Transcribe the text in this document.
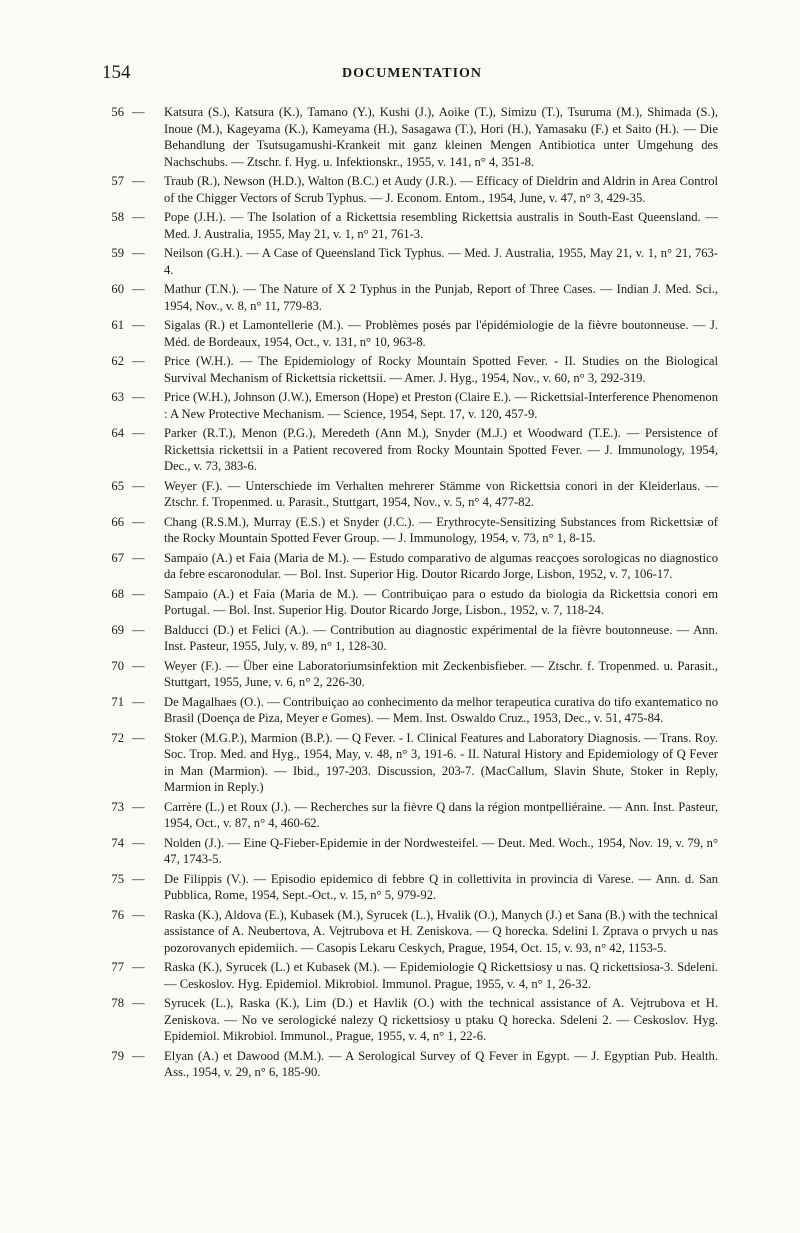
154	DOCUMENTATION
56 — Katsura (S.), Katsura (K.), Tamano (Y.), Kushi (J.), Aoike (T.), Simizu (T.), Tsuruma (M.), Shimada (S.), Inoue (M.), Kageyama (K.), Kameyama (H.), Sasagawa (T.), Hori (H.), Yamasaku (F.) et Saito (H.). — Die Behandlung der Tsutsugamushi-Krankeit mit ganz kleinen Mengen Antibiotica unter Umgehung des Nachschubs. — Ztschr. f. Hyg. u. Infektionskr., 1955, v. 141, n° 4, 351-8.
57 — Traub (R.), Newson (H.D.), Walton (B.C.) et Audy (J.R.). — Efficacy of Dieldrin and Aldrin in Area Control of the Chigger Vectors of Scrub Typhus. — J. Econom. Entom., 1954, June, v. 47, n° 3, 429-35.
58 — Pope (J.H.). — The Isolation of a Rickettsia resembling Rickettsia australis in South-East Queensland. — Med. J. Australia, 1955, May 21, v. 1, n° 21, 761-3.
59 — Neilson (G.H.). — A Case of Queensland Tick Typhus. — Med. J. Australia, 1955, May 21, v. 1, n° 21, 763-4.
60 — Mathur (T.N.). — The Nature of X 2 Typhus in the Punjab, Report of Three Cases. — Indian J. Med. Sci., 1954, Nov., v. 8, n° 11, 779-83.
61 — Sigalas (R.) et Lamontellerie (M.). — Problèmes posés par l'épidémiologie de la fièvre boutonneuse. — J. Méd. de Bordeaux, 1954, Oct., v. 131, n° 10, 963-8.
62 — Price (W.H.). — The Epidemiology of Rocky Mountain Spotted Fever. - II. Studies on the Biological Survival Mechanism of Rickettsia rickettsii. — Amer. J. Hyg., 1954, Nov., v. 60, n° 3, 292-319.
63 — Price (W.H.), Johnson (J.W.), Emerson (Hope) et Preston (Claire E.). — Rickettsial-Interference Phenomenon : A New Protective Mechanism. — Science, 1954, Sept. 17, v. 120, 457-9.
64 — Parker (R.T.), Menon (P.G.), Meredeth (Ann M.), Snyder (M.J.) et Woodward (T.E.). — Persistence of Rickettsia rickettsii in a Patient recovered from Rocky Mountain Spotted Fever. — J. Immunology, 1954, Dec., v. 73, 383-6.
65 — Weyer (F.). — Unterschiede im Verhalten mehrerer Stämme von Rickettsia conori in der Kleiderlaus. — Ztschr. f. Tropenmed. u. Parasit., Stuttgart, 1954, Nov., v. 5, n° 4, 477-82.
66 — Chang (R.S.M.), Murray (E.S.) et Snyder (J.C.). — Erythrocyte-Sensitizing Substances from Rickettsiæ of the Rocky Mountain Spotted Fever Group. — J. Immunology, 1954, v. 73, n° 1, 8-15.
67 — Sampaio (A.) et Faia (Maria de M.). — Estudo comparativo de algumas reacçoes sorologicas no diagnostico da febre escaronodular. — Bol. Inst. Superior Hig. Doutor Ricardo Jorge, Lisbon, 1952, v. 7, 106-17.
68 — Sampaio (A.) et Faia (Maria de M.). — Contribuiçao para o estudo da biologia da Rickettsia conori em Portugal. — Bol. Inst. Superior Hig. Doutor Ricardo Jorge, Lisbon., 1952, v. 7, 118-24.
69 — Balducci (D.) et Felici (A.). — Contribution au diagnostic expérimental de la fièvre boutonneuse. — Ann. Inst. Pasteur, 1955, July, v. 89, n° 1, 128-30.
70 — Weyer (F.). — Über eine Laboratoriumsinfektion mit Zeckenbisfieber. — Ztschr. f. Tropenmed. u. Parasit., Stuttgart, 1955, June, v. 6, n° 2, 226-30.
71 — De Magalhaes (O.). — Contribuiçao ao conhecimento da melhor terapeutica curativa do tifo exantematico no Brasil (Doença de Piza, Meyer e Gomes). — Mem. Inst. Oswaldo Cruz., 1953, Dec., v. 51, 475-84.
72 — Stoker (M.G.P.), Marmion (B.P.). — Q Fever. - I. Clinical Features and Laboratory Diagnosis. — Trans. Roy. Soc. Trop. Med. and Hyg., 1954, May, v. 48, n° 3, 191-6. - II. Natural History and Epidemiology of Q Fever in Man (Marmion). — Ibid., 197-203. Discussion, 203-7. (MacCallum, Slavin Shute, Stoker in Reply, Marmion in Reply.)
73 — Carrère (L.) et Roux (J.). — Recherches sur la fièvre Q dans la région montpelliéraine. — Ann. Inst. Pasteur, 1954, Oct., v. 87, n° 4, 460-62.
74 — Nolden (J.). — Eine Q-Fieber-Epidemie in der Nordwesteifel. — Deut. Med. Woch., 1954, Nov. 19, v. 79, n° 47, 1743-5.
75 — De Filippis (V.). — Episodio epidemico di febbre Q in collettivita in provincia di Varese. — Ann. d. San Pubblica, Rome, 1954, Sept.-Oct., v. 15, n° 5, 979-92.
76 — Raska (K.), Aldova (E.), Kubasek (M.), Syrucek (L.), Hvalik (O.), Manych (J.) et Sana (B.) with the technical assistance of A. Neubertova, A. Vejtrubova et H. Zeniskova. — Q horecka. Sdelini I. Zprava o prvych u nas pozorovanych epidemiich. — Casopis Lekaru Ceskych, Prague, 1954, Oct. 15, v. 93, n° 42, 1153-5.
77 — Raska (K.), Syrucek (L.) et Kubasek (M.). — Epidemiologie Q Rickettsiosy u nas. Q rickettsiosa-3. Sdeleni. — Ceskoslov. Hyg. Epidemiol. Mikrobiol. Immunol. Prague, 1955, v. 4, n° 1, 26-32.
78 — Syrucek (L.), Raska (K.), Lim (D.) et Havlik (O.) with the technical assistance of A. Vejtrubova et H. Zeniskova. — No ve serologické nalezy Q rickettsiosy u ptaku Q horecka. Sdeleni 2. — Ceskoslov. Hyg. Epidemiol. Mikrobiol. Immunol., Prague, 1955, v. 4, n° 1, 22-6.
79 — Elyan (A.) et Dawood (M.M.). — A Serological Survey of Q Fever in Egypt. — J. Egyptian Pub. Health. Ass., 1954, v. 29, n° 6, 185-90.
